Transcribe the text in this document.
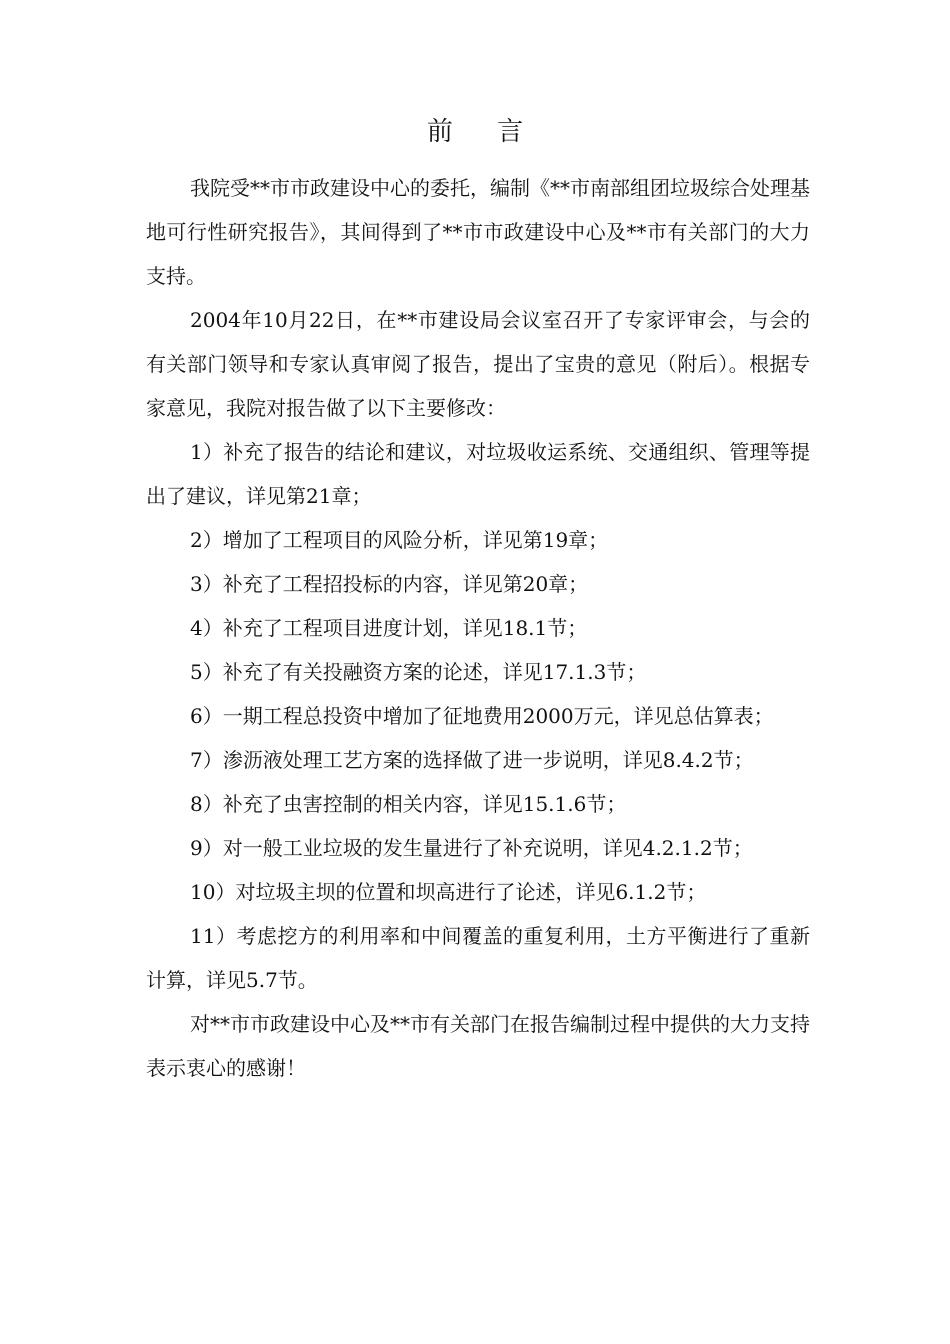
前 言

我院受**市市政建设中心的委托，编制《**市南部组团垃圾综合处理基地可行性研究报告》，其间得到了**市市政建设中心及**市有关部门的大力支持。

2004年10月22日，在**市建设局会议室召开了专家评审会，与会的有关部门领导和专家认真审阅了报告，提出了宝贵的意见（附后）。根据专家意见，我院对报告做了以下主要修改：

1）补充了报告的结论和建议，对垃圾收运系统、交通组织、管理等提出了建议，详见第21章；

2）增加了工程项目的风险分析，详见第19章；

3）补充了工程招投标的内容，详见第20章；

4）补充了工程项目进度计划，详见18.1节；

5）补充了有关投融资方案的论述，详见17.1.3节；

6）一期工程总投资中增加了征地费用2000万元，详见总估算表；

7）渗沥液处理工艺方案的选择做了进一步说明，详见8.4.2节；

8）补充了虫害控制的相关内容，详见15.1.6节；

9）对一般工业垃圾的发生量进行了补充说明，详见4.2.1.2节；

10）对垃圾主坝的位置和坝高进行了论述，详见6.1.2节；

11）考虑挖方的利用率和中间覆盖的重复利用，土方平衡进行了重新计算，详见5.7节。

对**市市政建设中心及**市有关部门在报告编制过程中提供的大力支持表示衷心的感谢！
